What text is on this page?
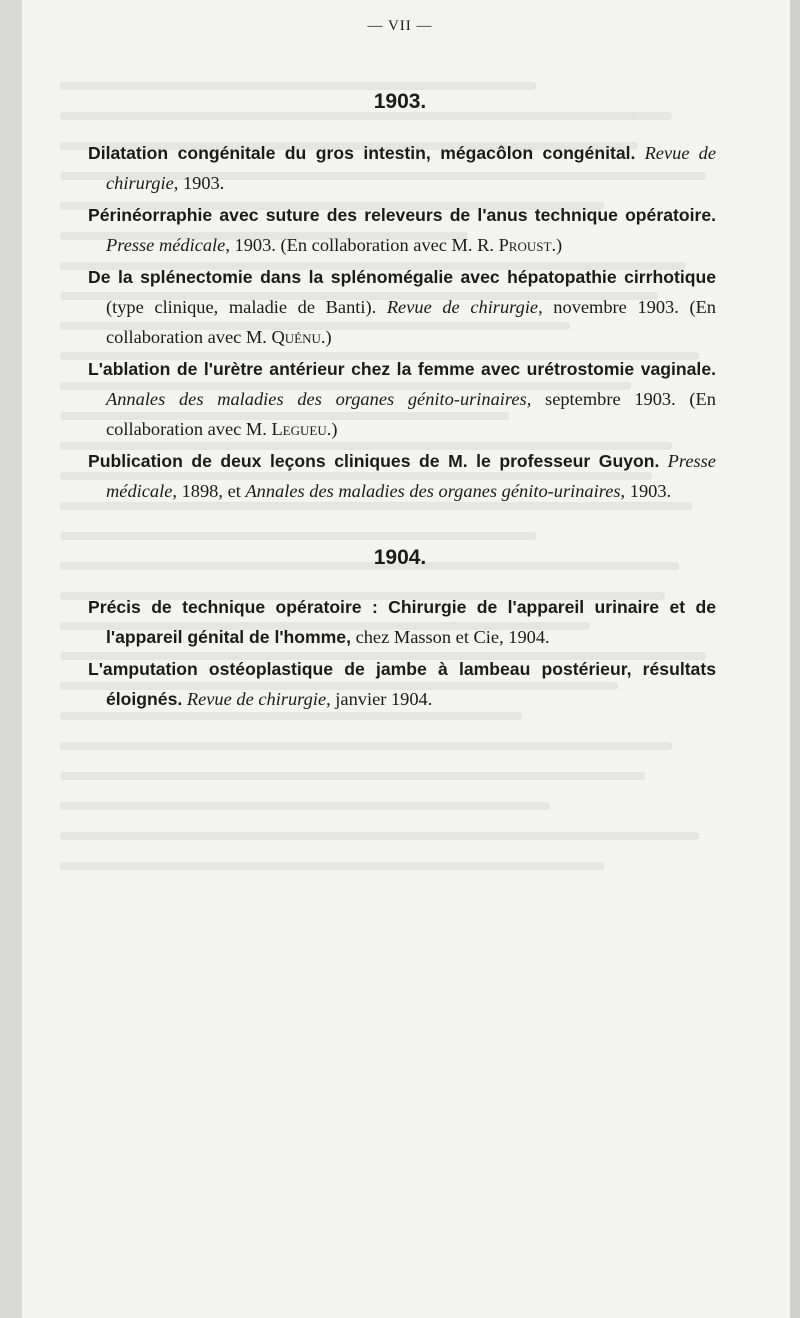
— VII —
1903.

Dilatation congénitale du gros intestin, mégacôlon congénital. Revue de chirurgie, 1903.

Périnéorraphie avec suture des releveurs de l'anus technique opératoire. Presse médicale, 1903. (En collaboration avec M. R. Proust.)

De la splénectomie dans la splénomégalie avec hépatopathie cirrhotique (type clinique, maladie de Banti). Revue de chirurgie, novembre 1903. (En collaboration avec M. Quénu.)

L'ablation de l'urètre antérieur chez la femme avec urétrostomie vaginale. Annales des maladies des organes génito-urinaires, septembre 1903. (En collaboration avec M. Legueu.)

Publication de deux leçons cliniques de M. le professeur Guyon. Presse médicale, 1898, et Annales des maladies des organes génito-urinaires, 1903.

1904.

Précis de technique opératoire : Chirurgie de l'appareil urinaire et de l'appareil génital de l'homme, chez Masson et Cie, 1904.

L'amputation ostéoplastique de jambe à lambeau postérieur, résultats éloignés. Revue de chirurgie, janvier 1904.
